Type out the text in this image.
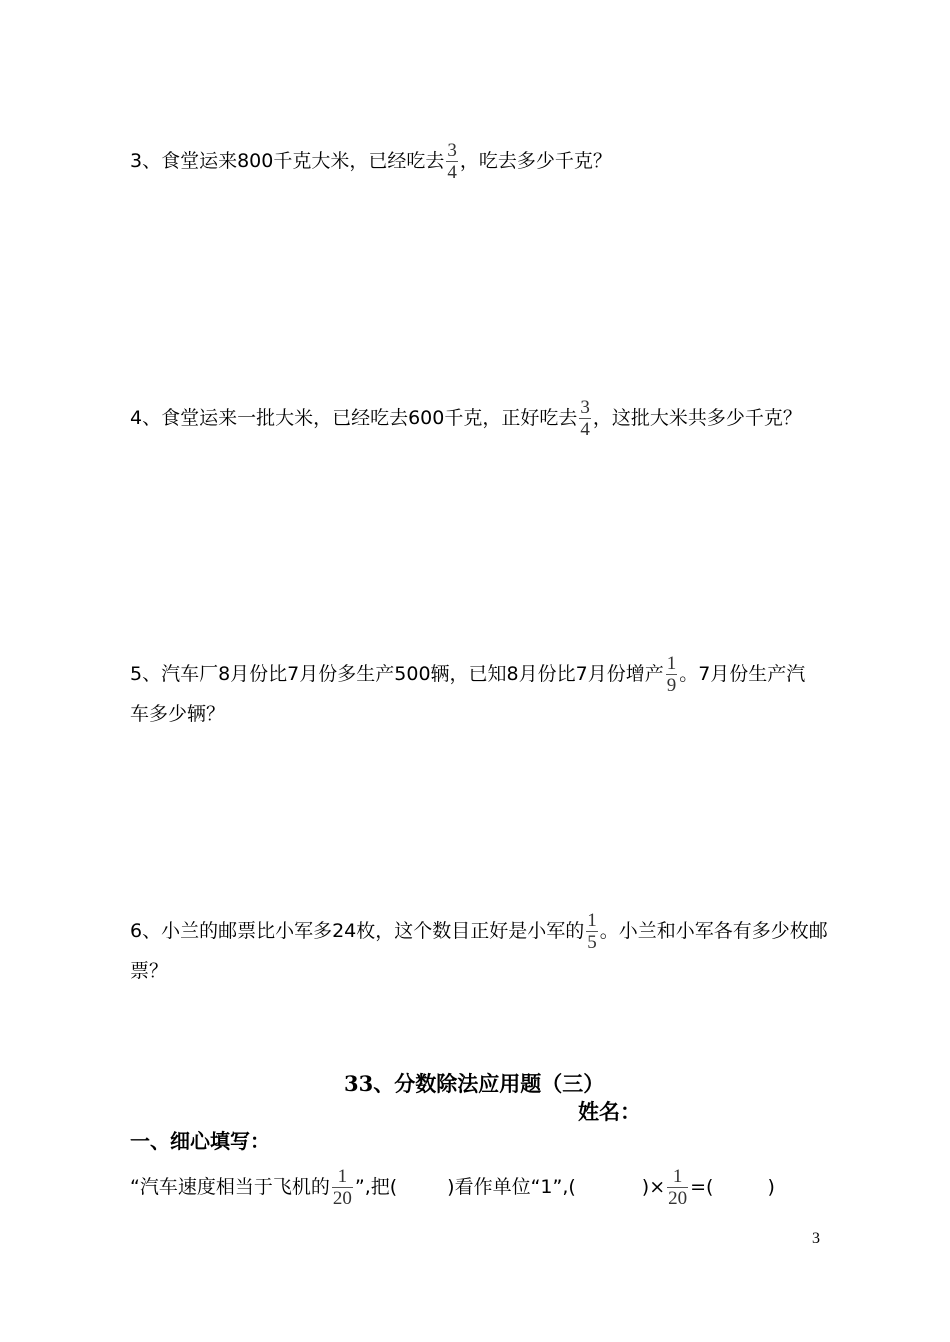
3、食堂运来800千克大米，已经吃去 $\frac{3}{4}$ ，吃去多少千克？
4、食堂运来一批大米，已经吃去600千克，正好吃去 $\frac{3}{4}$ ，这批大米共多少千克？
5、汽车厂8月份比7月份多生产500辆，已知8月份比7月份增产 $\frac{1}{9}$ 。7月份生产汽
车多少辆？
6、小兰的邮票比小军多24枚，这个数目正好是小军的 $\frac{1}{5}$ 。小兰和小军各有多少枚邮
票？
33、分数除法应用题（三）
姓名：
一、细心填写：
“汽车速度相当于飞机的 $\frac{1}{20}$ ”,把(	)看作单位“1”,(	)× $\frac{1}{20}$ =(	)
3
